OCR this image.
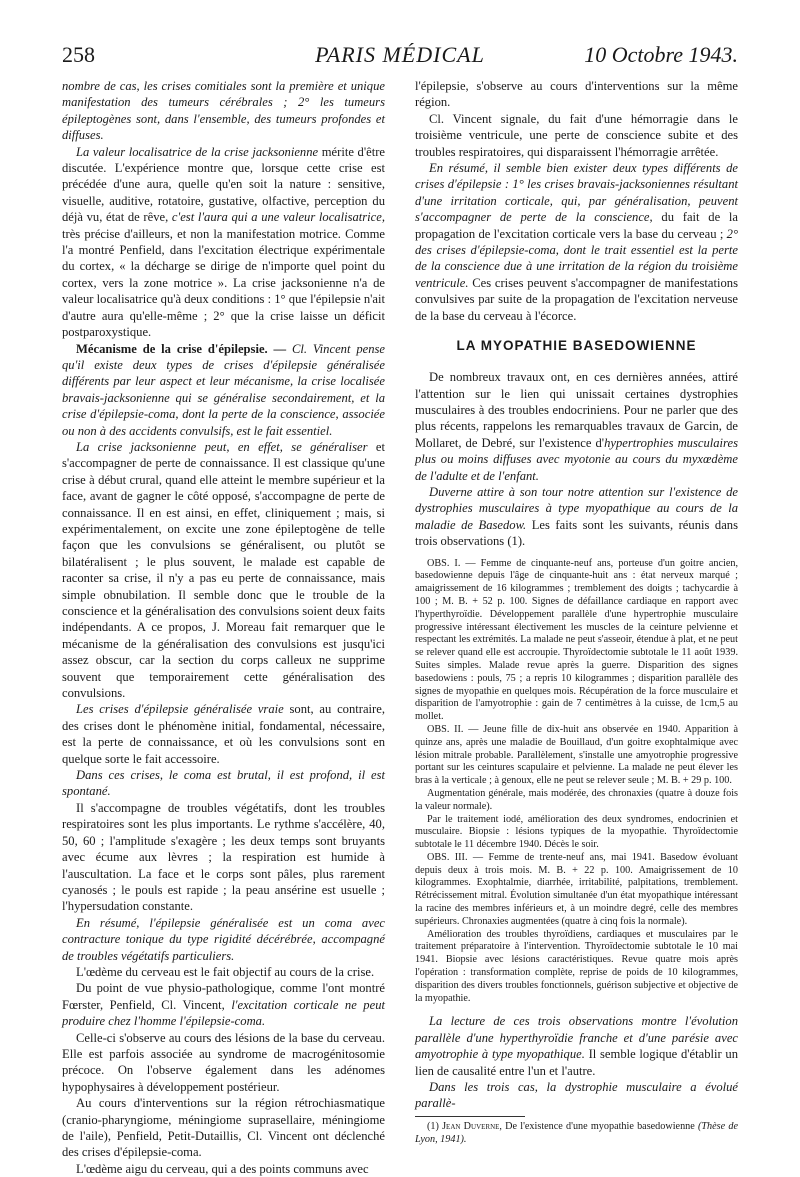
258	PARIS MÉDICAL	10 Octobre 1943.

nombre de cas, les crises comitiales sont la première et unique manifestation des tumeurs cérébrales ; 2° les tumeurs épileptogènes sont, dans l'ensemble, des tumeurs profondes et diffuses.

La valeur localisatrice de la crise jacksonienne mérite d'être discutée. L'expérience montre que, lorsque cette crise est précédée d'une aura, quelle qu'en soit la nature : sensitive, visuelle, auditive, rotatoire, gustative, olfactive, perception du déjà vu, état de rêve, c'est l'aura qui a une valeur localisatrice, très précise d'ailleurs, et non la manifestation motrice. Comme l'a montré Penfield, dans l'excitation électrique expérimentale du cortex, « la décharge se dirige de n'importe quel point du cortex, vers la zone motrice ». La crise jacksonienne n'a de valeur localisatrice qu'à deux conditions : 1° que l'épilepsie n'ait d'autre aura qu'elle-même ; 2° que la crise laisse un déficit postparoxystique.

Mécanisme de la crise d'épilepsie. — Cl. Vincent pense qu'il existe deux types de crises d'épilepsie généralisée différents par leur aspect et leur mécanisme, la crise localisée bravais-jacksonienne qui se généralise secondairement, et la crise d'épilepsie-coma, dont la perte de la conscience, associée ou non à des accidents convulsifs, est le fait essentiel.

La crise jacksonienne peut, en effet, se généraliser et s'accompagner de perte de connaissance. Il est classique qu'une crise à début crural, quand elle atteint le membre supérieur et la face, avant de gagner le côté opposé, s'accompagne de perte de connaissance. Il en est ainsi, en effet, cliniquement ; mais, si expérimentalement, on excite une zone épileptogène de telle façon que les convulsions se généralisent, ou plutôt se bilatéralisent ; le plus souvent, le malade est capable de raconter sa crise, il n'y a pas eu perte de connaissance, mais simple obnubilation. Il semble donc que le trouble de la conscience et la généralisation des convulsions soient deux faits indépendants. A ce propos, J. Moreau fait remarquer que le mécanisme de la généralisation des convulsions est jusqu'ici assez obscur, car la section du corps calleux ne supprime souvent que temporairement cette généralisation des convulsions.

Les crises d'épilepsie généralisée vraie sont, au contraire, des crises dont le phénomène initial, fondamental, nécessaire, est la perte de connaissance, et où les convulsions sont en quelque sorte le fait accessoire.

Dans ces crises, le coma est brutal, il est profond, il est spontané.

Il s'accompagne de troubles végétatifs, dont les troubles respiratoires sont les plus importants. Le rythme s'accélère, 40, 50, 60 ; l'amplitude s'exagère ; les deux temps sont bruyants avec écume aux lèvres ; la respiration est humide à l'auscultation. La face et le corps sont pâles, plus rarement cyanosés ; le pouls est rapide ; la peau ansérine est usuelle ; l'hypersudation constante.

En résumé, l'épilepsie généralisée est un coma avec contracture tonique du type rigidité décérébrée, accompagné de troubles végétatifs particuliers.

L'œdème du cerveau est le fait objectif au cours de la crise.

Du point de vue physio-pathologique, comme l'ont montré Fœrster, Penfield, Cl. Vincent, l'excitation corticale ne peut produire chez l'homme l'épilepsie-coma.

Celle-ci s'observe au cours des lésions de la base du cerveau. Elle est parfois associée au syndrome de macrogénitosomie précoce. On l'observe également dans les adénomes hypophysaires à développement postérieur.

Au cours d'interventions sur la région rétrochiasmatique (cranio-pharyngiome, méningiome suprasellaire, méningiome de l'aile), Penfield, Petit-Dutaillis, Cl. Vincent ont déclenché des crises d'épilepsie-coma.

L'œdème aigu du cerveau, qui a des points communs avec

l'épilepsie, s'observe au cours d'interventions sur la même région.

Cl. Vincent signale, du fait d'une hémorragie dans le troisième ventricule, une perte de conscience subite et des troubles respiratoires, qui disparaissent l'hémorragie arrêtée.

En résumé, il semble bien exister deux types différents de crises d'épilepsie : 1° les crises bravais-jacksoniennes résultant d'une irritation corticale, qui, par généralisation, peuvent s'accompagner de perte de la conscience, du fait de la propagation de l'excitation corticale vers la base du cerveau ; 2° des crises d'épilepsie-coma, dont le trait essentiel est la perte de la conscience due à une irritation de la région du troisième ventricule. Ces crises peuvent s'accompagner de manifestations convulsives par suite de la propagation de l'excitation nerveuse de la base du cerveau à l'écorce.

LA MYOPATHIE BASEDOWIENNE

De nombreux travaux ont, en ces dernières années, attiré l'attention sur le lien qui unissait certaines dystrophies musculaires à des troubles endocriniens. Pour ne parler que des plus récents, rappelons les remarquables travaux de Garcin, de Mollaret, de Debré, sur l'existence d'hypertrophies musculaires plus ou moins diffuses avec myotonie au cours du myxœdème de l'adulte et de l'enfant.

Duverne attire à son tour notre attention sur l'existence de dystrophies musculaires à type myopathique au cours de la maladie de Basedow. Les faits sont les suivants, réunis dans trois observations (1).

OBS. I. — Femme de cinquante-neuf ans, porteuse d'un goitre ancien, basedowienne depuis l'âge de cinquante-huit ans : état nerveux marqué ; amaigrissement de 16 kilogrammes ; tremblement des doigts ; tachycardie à 100 ; M. B. + 52 p. 100. Signes de défaillance cardiaque en rapport avec l'hyperthyroïdie. Développement parallèle d'une hypertrophie musculaire progressive intéressant électivement les muscles de la ceinture pelvienne et respectant les extrémités. La malade ne peut s'asseoir, étendue à plat, et ne peut se relever quand elle est accroupie. Thyroïdectomie subtotale le 11 août 1939. Suites simples. Malade revue après la guerre. Disparition des signes basedowiens : pouls, 75 ; a repris 10 kilogrammes ; disparition parallèle des signes de myopathie en quelques mois. Récupération de la force musculaire et disparition de l'amyotrophie : gain de 7 centimètres à la cuisse, de 1cm,5 au mollet.

OBS. II. — Jeune fille de dix-huit ans observée en 1940. Apparition à quinze ans, après une maladie de Bouillaud, d'un goitre exophtalmique avec lésion mitrale probable. Parallèlement, s'installe une amyotrophie progressive portant sur les ceintures scapulaire et pelvienne. La malade ne peut élever les bras à la verticale ; à genoux, elle ne peut se relever seule ; M. B. + 29 p. 100.

Augmentation générale, mais modérée, des chronaxies (quatre à douze fois la valeur normale).

Par le traitement iodé, amélioration des deux syndromes, endocrinien et musculaire. Biopsie : lésions typiques de la myopathie. Thyroïdectomie subtotale le 11 décembre 1940. Décès le soir.

OBS. III. — Femme de trente-neuf ans, mai 1941. Basedow évoluant depuis deux à trois mois. M. B. + 22 p. 100. Amaigrissement de 10 kilogrammes. Exophtalmie, diarrhée, irritabilité, palpitations, tremblement. Rétrécissement mitral. Évolution simultanée d'un état myopathique intéressant la racine des membres inférieurs et, à un moindre degré, celle des membres supérieurs. Chronaxies augmentées (quatre à cinq fois la normale).

Amélioration des troubles thyroïdiens, cardiaques et musculaires par le traitement préparatoire à l'intervention. Thyroïdectomie subtotale le 10 mai 1941. Biopsie avec lésions caractéristiques. Revue quatre mois après l'opération : transformation complète, reprise de poids de 10 kilogrammes, disparition des divers troubles fonctionnels, guérison subjective et objective de la myopathie.

La lecture de ces trois observations montre l'évolution parallèle d'une hyperthyroïdie franche et d'une parésie avec amyotrophie à type myopathique. Il semble logique d'établir un lien de causalité entre l'un et l'autre.

Dans les trois cas, la dystrophie musculaire a évolué parallè-

(1) Jean Duverne, De l'existence d'une myopathie basedowienne (Thèse de Lyon, 1941).
